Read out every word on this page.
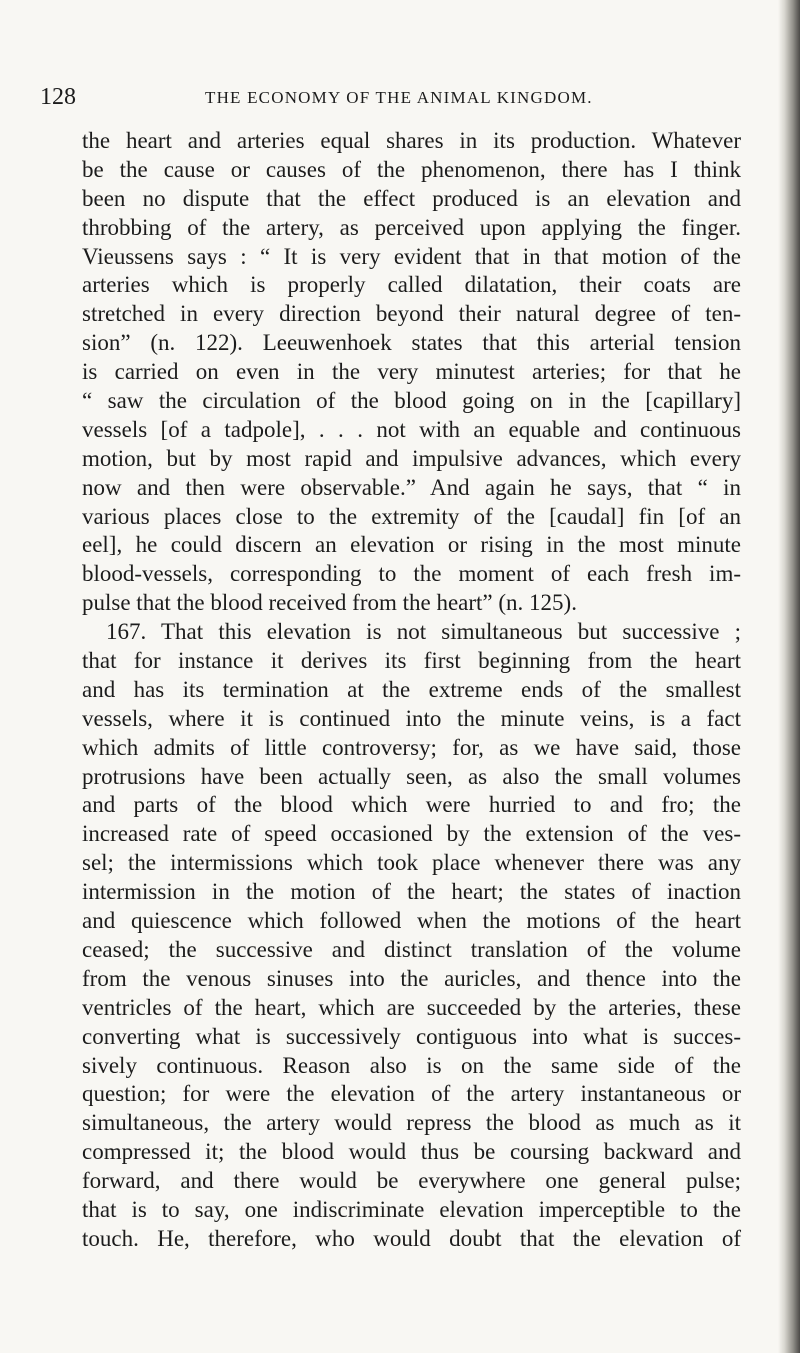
128	THE ECONOMY OF THE ANIMAL KINGDOM.
the heart and arteries equal shares in its production. Whatever
be the cause or causes of the phenomenon, there has I think
been no dispute that the effect produced is an elevation and
throbbing of the artery, as perceived upon applying the finger.
Vieussens says : “ It is very evident that in that motion of the
arteries which is properly called dilatation, their coats are
stretched in every direction beyond their natural degree of ten-
sion” (n. 122). Leeuwenhoek states that this arterial tension
is carried on even in the very minutest arteries; for that he
“ saw the circulation of the blood going on in the [capillary]
vessels [of a tadpole], . . . not with an equable and continuous
motion, but by most rapid and impulsive advances, which every
now and then were observable.” And again he says, that “ in
various places close to the extremity of the [caudal] fin [of an
eel], he could discern an elevation or rising in the most minute
blood-vessels, corresponding to the moment of each fresh im-
pulse that the blood received from the heart” (n. 125).
167. That this elevation is not simultaneous but successive ;
that for instance it derives its first beginning from the heart
and has its termination at the extreme ends of the smallest
vessels, where it is continued into the minute veins, is a fact
which admits of little controversy; for, as we have said, those
protrusions have been actually seen, as also the small volumes
and parts of the blood which were hurried to and fro; the
increased rate of speed occasioned by the extension of the ves-
sel; the intermissions which took place whenever there was any
intermission in the motion of the heart; the states of inaction
and quiescence which followed when the motions of the heart
ceased; the successive and distinct translation of the volume
from the venous sinuses into the auricles, and thence into the
ventricles of the heart, which are succeeded by the arteries, these
converting what is successively contiguous into what is succes-
sively continuous. Reason also is on the same side of the
question; for were the elevation of the artery instantaneous or
simultaneous, the artery would repress the blood as much as it
compressed it; the blood would thus be coursing backward and
forward, and there would be everywhere one general pulse;
that is to say, one indiscriminate elevation imperceptible to the
touch. He, therefore, who would doubt that the elevation of
